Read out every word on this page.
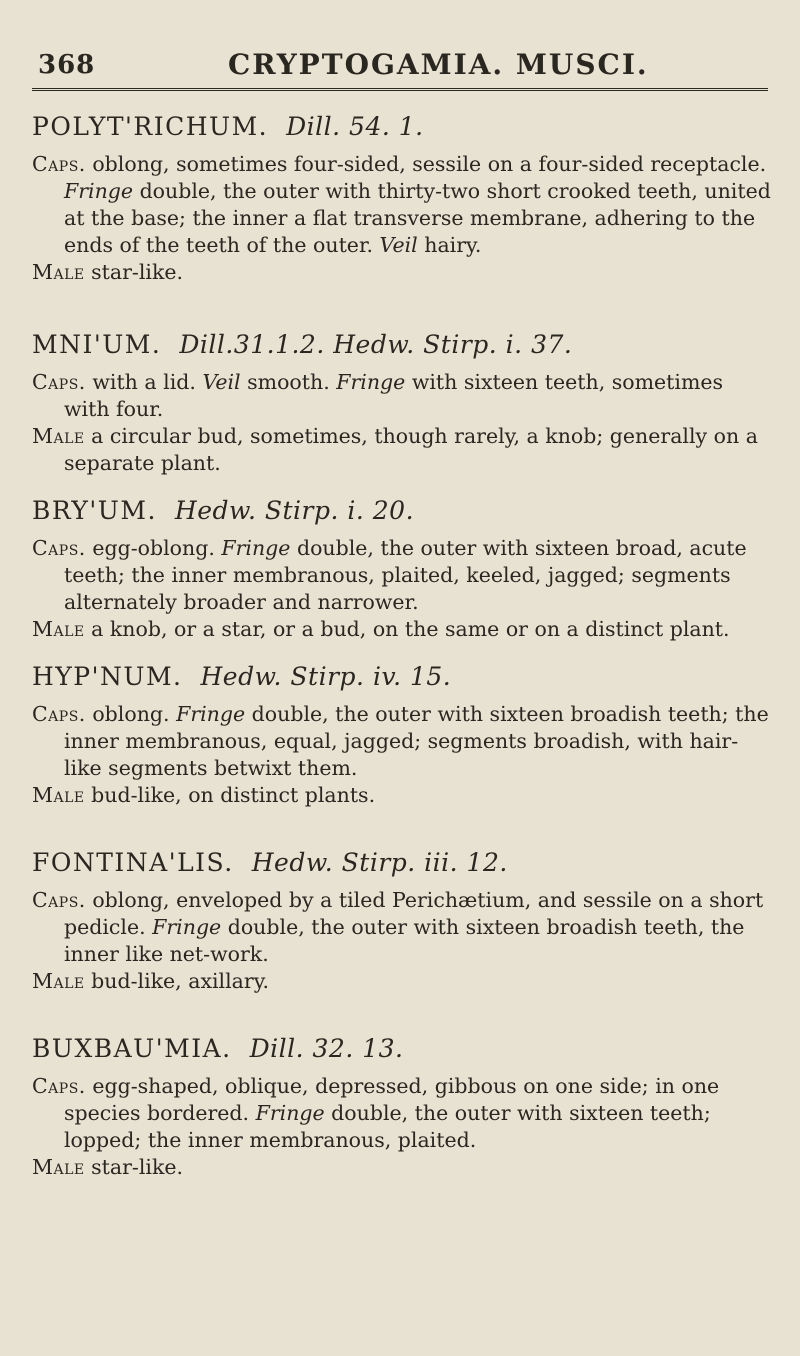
368	CRYPTOGAMIA. MUSCI.
POLYT'RICHUM. Dill. 54. 1.

Caps. oblong, sometimes four-sided, sessile on a four-sided receptacle. Fringe double, the outer with thirty-two short crooked teeth, united at the base; the inner a flat transverse membrane, adhering to the ends of the teeth of the outer. Veil hairy.

Male star-like.

MNI'UM. Dill.31.1.2. Hedw. Stirp. i. 37.

Caps. with a lid. Veil smooth. Fringe with sixteen teeth, sometimes with four.

Male a circular bud, sometimes, though rarely, a knob; generally on a separate plant.

BRY'UM. Hedw. Stirp. i. 20.

Caps. egg-oblong. Fringe double, the outer with sixteen broad, acute teeth; the inner membranous, plaited, keeled, jagged; segments alternately broader and narrower.

Male a knob, or a star, or a bud, on the same or on a distinct plant.

HYP'NUM. Hedw. Stirp. iv. 15.

Caps. oblong. Fringe double, the outer with sixteen broadish teeth; the inner membranous, equal, jagged; segments broadish, with hair-like segments betwixt them.

Male bud-like, on distinct plants.

FONTINA'LIS. Hedw. Stirp. iii. 12.

Caps. oblong, enveloped by a tiled Perichætium, and sessile on a short pedicle. Fringe double, the outer with sixteen broadish teeth, the inner like net-work.

Male bud-like, axillary.

BUXBAU'MIA. Dill. 32. 13.

Caps. egg-shaped, oblique, depressed, gibbous on one side; in one species bordered. Fringe double, the outer with sixteen teeth; lopped; the inner membranous, plaited.

Male star-like.
